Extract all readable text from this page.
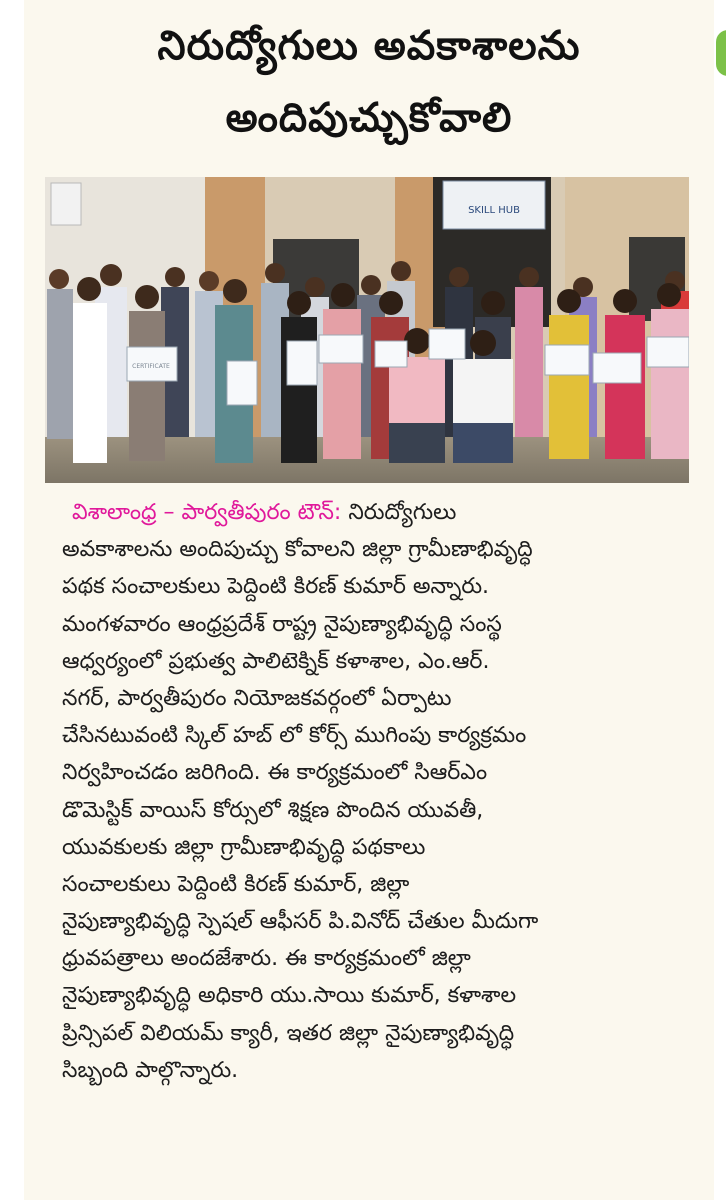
నిరుద్యోగులు అవకాశాలను
అందిపుచ్చుకోవాలి
SKILL HUB
CERTIFICATE
విశాలాంధ్ర – పార్వతీపురం టౌన్: నిరుద్యోగులు
అవకాశాలను అందిపుచ్చు కోవాలని జిల్లా గ్రామీణాభివృద్ధి
పథక సంచాలకులు పెద్దింటి కిరణ్ కుమార్ అన్నారు.
మంగళవారం ఆంధ్రప్రదేశ్ రాష్ట్ర నైపుణ్యాభివృద్ధి సంస్థ
ఆధ్వర్యంలో ప్రభుత్వ పాలిటెక్నిక్ కళాశాల, ఎం.ఆర్.
నగర్, పార్వతీపురం నియోజకవర్గంలో ఏర్పాటు
చేసినటువంటి స్కిల్ హబ్ లో కోర్స్ ముగింపు కార్యక్రమం
నిర్వహించడం జరిగింది. ఈ కార్యక్రమంలో సిఆర్ఎం
డొమెస్టిక్ వాయిస్ కోర్సులో శిక్షణ పొందిన యువతీ,
యువకులకు జిల్లా గ్రామీణాభివృద్ధి పథకాలు
సంచాలకులు పెద్దింటి కిరణ్ కుమార్, జిల్లా
నైపుణ్యాభివృద్ధి స్పెషల్ ఆఫీసర్ పి.వినోద్ చేతుల మీదుగా
ధ్రువపత్రాలు అందజేశారు. ఈ కార్యక్రమంలో జిల్లా
నైపుణ్యాభివృద్ధి అధికారి యు.సాయి కుమార్, కళాశాల
ప్రిన్సిపల్ విలియమ్ క్యారీ, ఇతర జిల్లా నైపుణ్యాభివృద్ధి
సిబ్బంది పాల్గొన్నారు.
